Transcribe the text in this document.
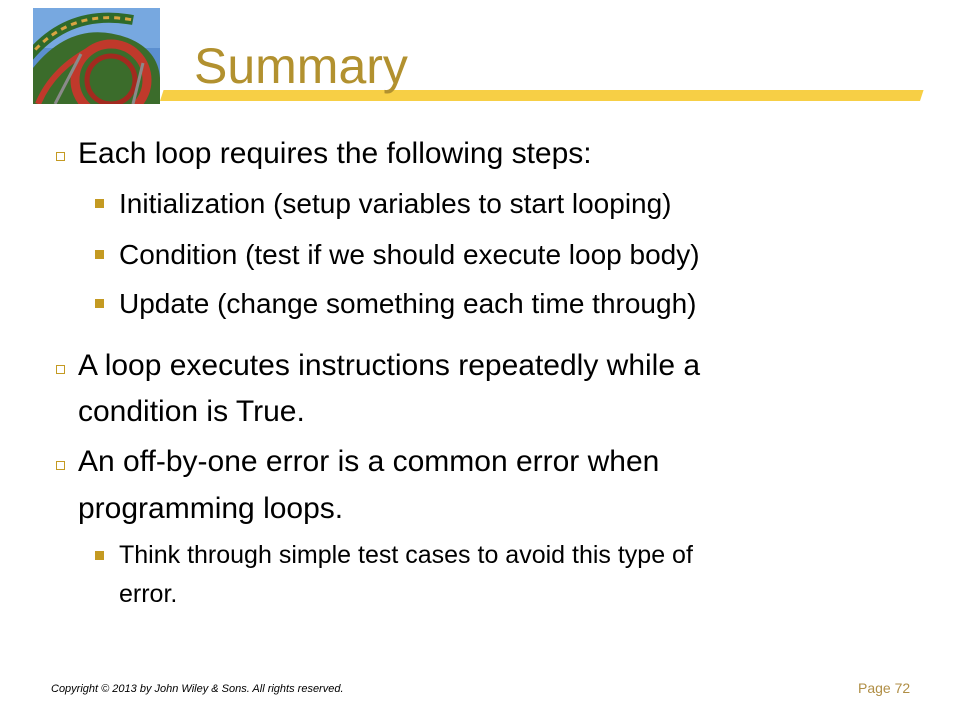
Summary
Each loop requires the following steps:
Initialization (setup variables to start looping)
Condition (test if we should execute loop body)
Update (change something each time through)
A loop executes instructions repeatedly while a
condition is True.
An off-by-one error is a common error when
programming loops.
Think through simple test cases to avoid this type of
error.
Copyright © 2013 by John Wiley & Sons. All rights reserved.	Page 72
